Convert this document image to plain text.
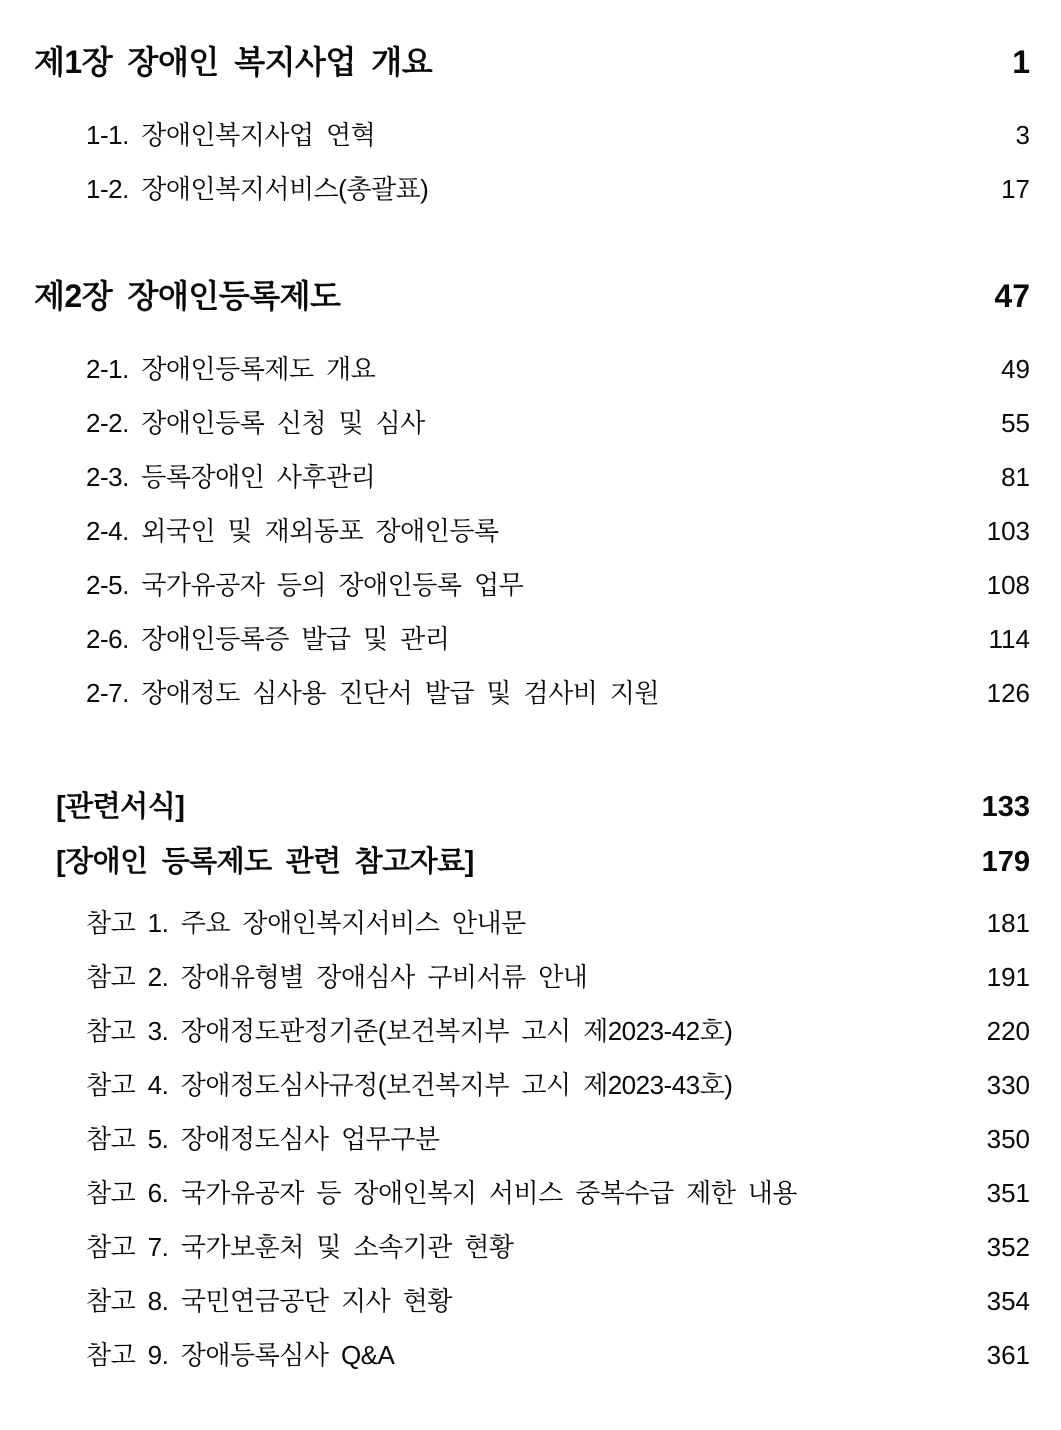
제1장 장애인 복지사업 개요	1
1-1. 장애인복지사업 연혁	3
1-2. 장애인복지서비스(총괄표)	17
제2장 장애인등록제도	47
2-1. 장애인등록제도 개요	49
2-2. 장애인등록 신청 및 심사	55
2-3. 등록장애인 사후관리	81
2-4. 외국인 및 재외동포 장애인등록	103
2-5. 국가유공자 등의 장애인등록 업무	108
2-6. 장애인등록증 발급 및 관리	114
2-7. 장애정도 심사용 진단서 발급 및 검사비 지원	126
[관련서식]	133
[장애인 등록제도 관련 참고자료]	179
참고 1. 주요 장애인복지서비스 안내문	181
참고 2. 장애유형별 장애심사 구비서류 안내	191
참고 3. 장애정도판정기준(보건복지부 고시 제2023-42호)	220
참고 4. 장애정도심사규정(보건복지부 고시 제2023-43호)	330
참고 5. 장애정도심사 업무구분	350
참고 6. 국가유공자 등 장애인복지 서비스 중복수급 제한 내용	351
참고 7. 국가보훈처 및 소속기관 현황	352
참고 8. 국민연금공단 지사 현황	354
참고 9. 장애등록심사 Q&A	361
